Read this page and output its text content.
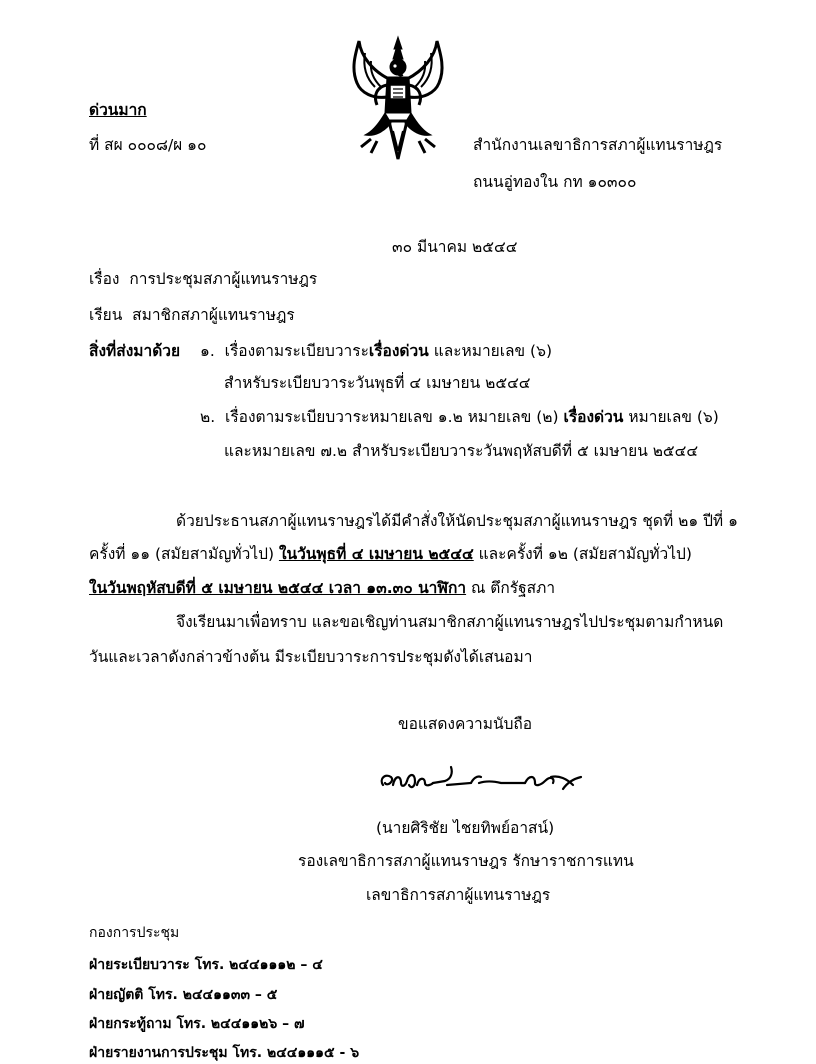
ด่วนมาก
ที่ สผ ๐๐๐๘/ผ ๑๐	สำนักงานเลขาธิการสภาผู้แทนราษฎร
ถนนอู่ทองใน กท ๑๐๓๐๐
๓๐ มีนาคม ๒๕๔๔
เรื่อง การประชุมสภาผู้แทนราษฎร
เรียน สมาชิกสภาผู้แทนราษฎร
สิ่งที่ส่งมาด้วย ๑. เรื่องตามระเบียบวาระเรื่องด่วน และหมายเลข (๖)
สำหรับระเบียบวาระวันพุธที่ ๔ เมษายน ๒๕๔๔
๒. เรื่องตามระเบียบวาระหมายเลข ๑.๒ หมายเลข (๒) เรื่องด่วน หมายเลข (๖)
และหมายเลข ๗.๒ สำหรับระเบียบวาระวันพฤหัสบดีที่ ๕ เมษายน ๒๕๔๔
ด้วยประธานสภาผู้แทนราษฎรได้มีคำสั่งให้นัดประชุมสภาผู้แทนราษฎร ชุดที่ ๒๑ ปีที่ ๑
ครั้งที่ ๑๑ (สมัยสามัญทั่วไป) ในวันพุธที่ ๔ เมษายน ๒๕๔๔ และครั้งที่ ๑๒ (สมัยสามัญทั่วไป)
ในวันพฤหัสบดีที่ ๕ เมษายน ๒๕๔๔ เวลา ๑๓.๓๐ นาฬิกา ณ ตึกรัฐสภา
จึงเรียนมาเพื่อทราบ และขอเชิญท่านสมาชิกสภาผู้แทนราษฎรไปประชุมตามกำหนด
วันและเวลาดังกล่าวข้างต้น มีระเบียบวาระการประชุมดังได้เสนอมา
ขอแสดงความนับถือ
(นายศิริชัย ไชยทิพย์อาสน์)
รองเลขาธิการสภาผู้แทนราษฎร รักษาราชการแทน
เลขาธิการสภาผู้แทนราษฎร
กองการประชุม
ฝ่ายระเบียบวาระ โทร. ๒๔๔๑๑๑๒ – ๔
ฝ่ายญัตติ โทร. ๒๔๔๑๑๓๓ – ๕
ฝ่ายกระทู้ถาม โทร. ๒๔๔๑๑๒๖ – ๗
ฝ่ายรายงานการประชุม โทร. ๒๔๔๑๑๑๕ - ๖
